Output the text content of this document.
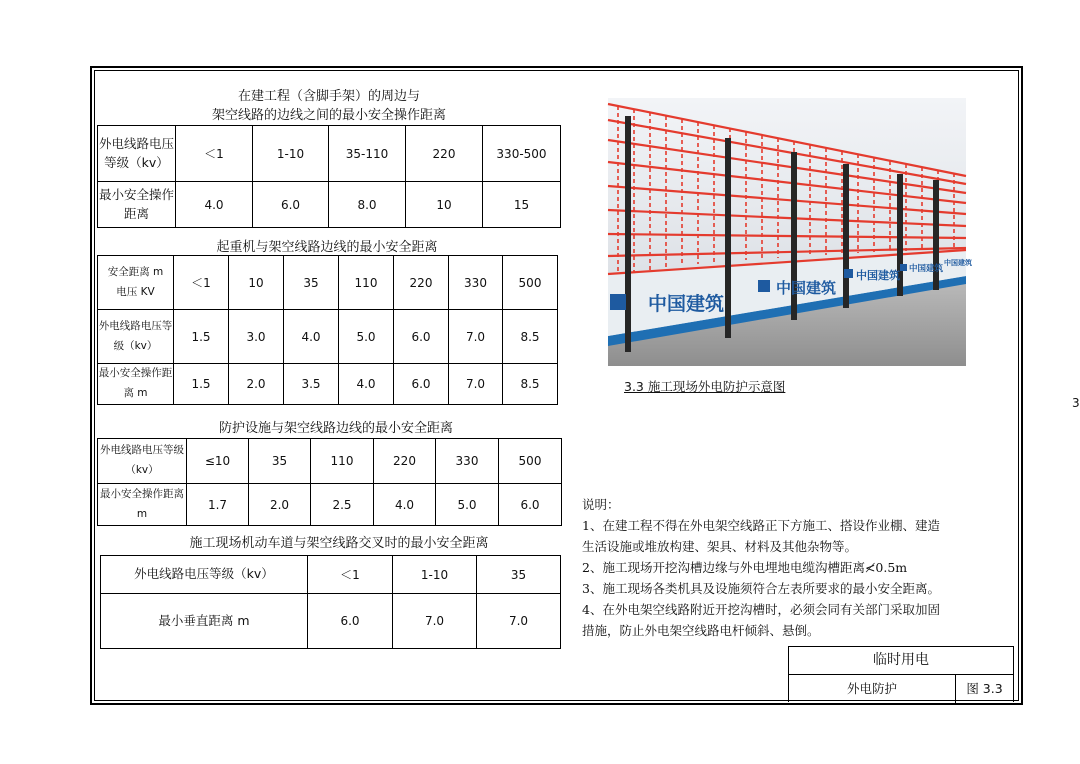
在建工程（含脚手架）的周边与
架空线路的边线之间的最小安全操作距离
外电线路电压等级（kv）	＜1	1-10	35-110	220	330-500
最小安全操作距离	4.0	6.0	8.0	10	15
起重机与架空线路边线的最小安全距离
安全距离 m
电压 KV	＜1	10	35	110	220	330	500
外电线路电压等级（kv）	1.5	3.0	4.0	5.0	6.0	7.0	8.5
最小安全操作距离 m	1.5	2.0	3.5	4.0	6.0	7.0	8.5
防护设施与架空线路边线的最小安全距离
外电线路电压等级（kv）	≤10	35	110	220	330	500
最小安全操作距离 m	1.7	2.0	2.5	4.0	5.0	6.0
施工现场机动车道与架空线路交叉时的最小安全距离
外电线路电压等级（kv）	＜1	1-10	35
最小垂直距离 m	6.0	7.0	7.0
中国建筑
中国建筑
中国建筑 中国建筑
中国建筑
3.3 施工现场外电防护示意图
说明：
1、在建工程不得在外电架空线路正下方施工、搭设作业棚、建造
生活设施或堆放构建、架具、材料及其他杂物等。
2、施工现场开挖沟槽边缘与外电埋地电缆沟槽距离≮0.5m
3、施工现场各类机具及设施须符合左表所要求的最小安全距离。
4、在外电架空线路附近开挖沟槽时，必须会同有关部门采取加固
措施，防止外电架空线路电杆倾斜、悬倒。
临时用电
外电防护	图 3.3
3
